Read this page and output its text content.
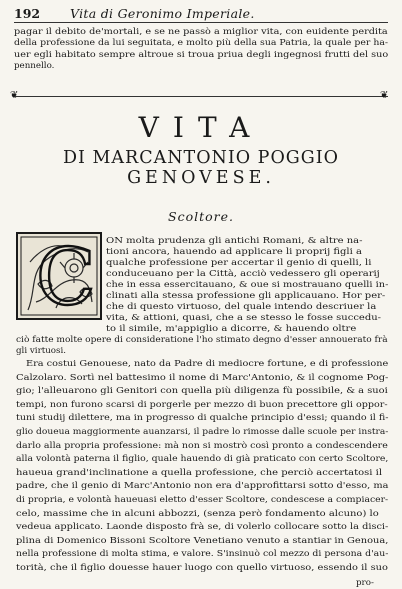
192 Vita di Geronimo Imperiale.
pagar il debito de'mortali, e se ne passò a miglior vita, con euidente perdita
della professione da lui seguitata, e molto più della sua Patria, la quale per ha-
uer egli habitato sempre altroue si troua priua degli ingegnosi frutti del suo
pennello.
❦	❦
VITA
DI MARCANTONIO POGGIO
GENOVESE.
Scoltore.
C ON molta prudenza gli antichi Romani, & altre na-
tioni ancora, hauendo ad applicare li proprij figli a
qualche professione per accertar il genio di quelli, li
conduceuano per la Città, acciò vedessero gli operarij
che in essa essercitauano, & oue si mostrauano quelli in-
clinati alla stessa professione gli applicauano. Hor per-
che di questo virtuoso, del quale intendo descriuer la
vita, & attioni, quasi, che a se stesso le fosse succedu-
to il simile, m'appiglio a dicorre, & hauendo oltre
ciò fatte molte opere di consideratione l'ho stimato degno d'esser annouerato frà
gli virtuosi.
Era costui Genouese, nato da Padre di mediocre fortune, e di professione
Calzolaro. Sortì nel battesimo il nome di Marc'Antonio, & il cognome Pog-
gio; l'alleuarono gli Genitori con quella più diligenza fù possibile, & a suoi
tempi, non furono scarsi di porgerle per mezzo di buon precettore gli oppor-
tuni studij dilettere, ma in progresso di qualche principio d'essi; quando il fi-
glio doueua maggiormente auanzarsi, il padre lo rimosse dalle scuole per instra-
darlo alla propria professione: mà non si mostrò così pronto a condescendere
alla volontà paterna il figlio, quale hauendo di già praticato con certo Scoltore,
haueua grand'inclinatione a quella professione, che perciò accertatosi il
padre, che il genio di Marc'Antonio non era d'approfittarsi sotto d'esso, ma
di propria, e volontà haueuasi eletto d'esser Scoltore, condescese a compiacer-
celo, massime che in alcuni abbozzi, (senza però fondamento alcuno) lo
vedeua applicato. Laonde disposto frà se, di volerlo collocare sotto la disci-
plina di Domenico Bissoni Scoltore Venetiano venuto a stantiar in Genoua,
nella professione di molta stima, e valore. S'insinuò col mezzo di persona d'au-
torità, che il figlio douesse hauer luogo con quello virtuoso, essendo il suo
pro-
